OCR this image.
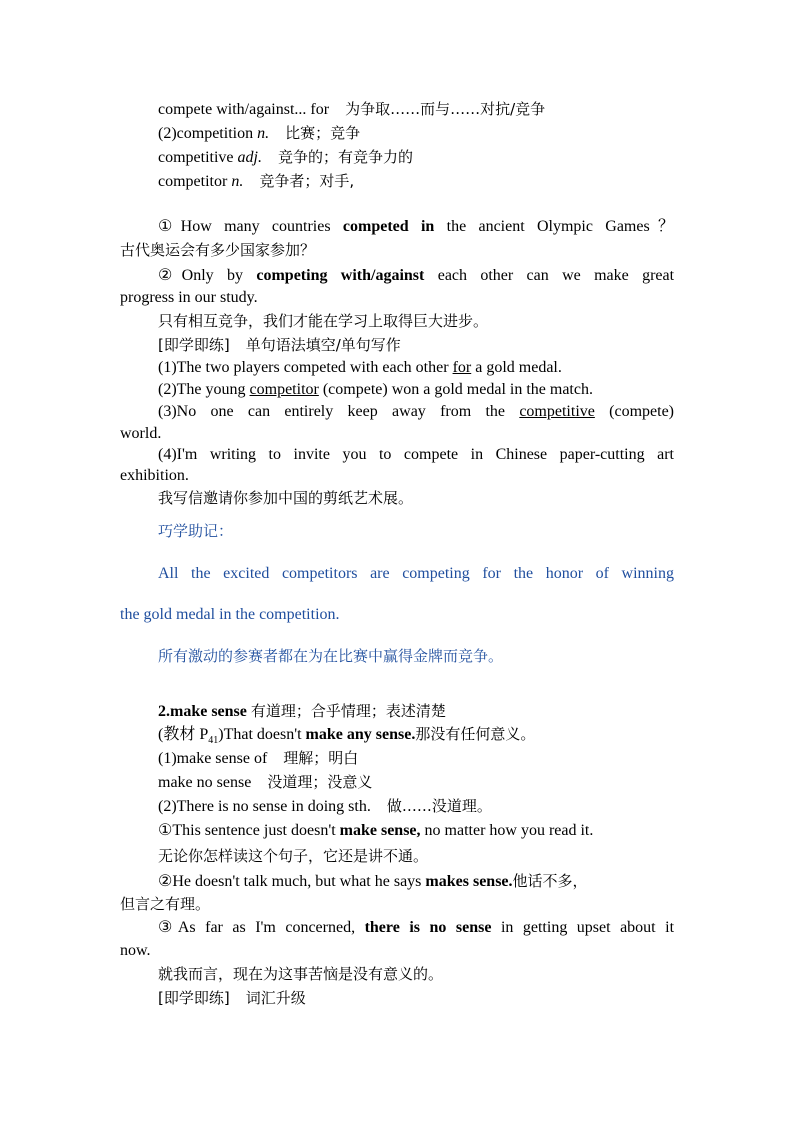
compete with/against... for 为争取……而与……对抗/竞争
(2)competition n. 比赛；竞争
competitive adj. 竞争的；有竞争力的
competitor n. 竞争者；对手,
①How many countries competed in the ancient Olympic Games？
古代奥运会有多少国家参加？
②Only by competing with/against each other can we make great
progress in our study.
只有相互竞争，我们才能在学习上取得巨大进步。
[即学即练] 单句语法填空/单句写作
(1)The two players competed with each other for a gold medal.
(2)The young competitor (compete) won a gold medal in the match.
(3)No one can entirely keep away from the competitive (compete)
world.
(4)I'm writing to invite you to compete in Chinese paper-cutting art
exhibition.
我写信邀请你参加中国的剪纸艺术展。
巧学助记：
All the excited competitors are competing for the honor of winning
the gold medal in the competition.
所有激动的参赛者都在为在比赛中赢得金牌而竞争。
2.make sense 有道理；合乎情理；表述清楚
(教材 $P_{41})That$ doesn't make any sense.那没有任何意义。
(1)make sense of 理解；明白
make no sense 没道理；没意义
(2)There is no sense in doing sth. 做……没道理。
①This sentence just doesn't make sense, no matter how you read it.
无论你怎样读这个句子，它还是讲不通。
②He doesn't talk much, but what he says makes sense.他话不多，
但言之有理。
③As far as I'm concerned, there is no sense in getting upset about it
now.
就我而言，现在为这事苦恼是没有意义的。
[即学即练] 词汇升级
